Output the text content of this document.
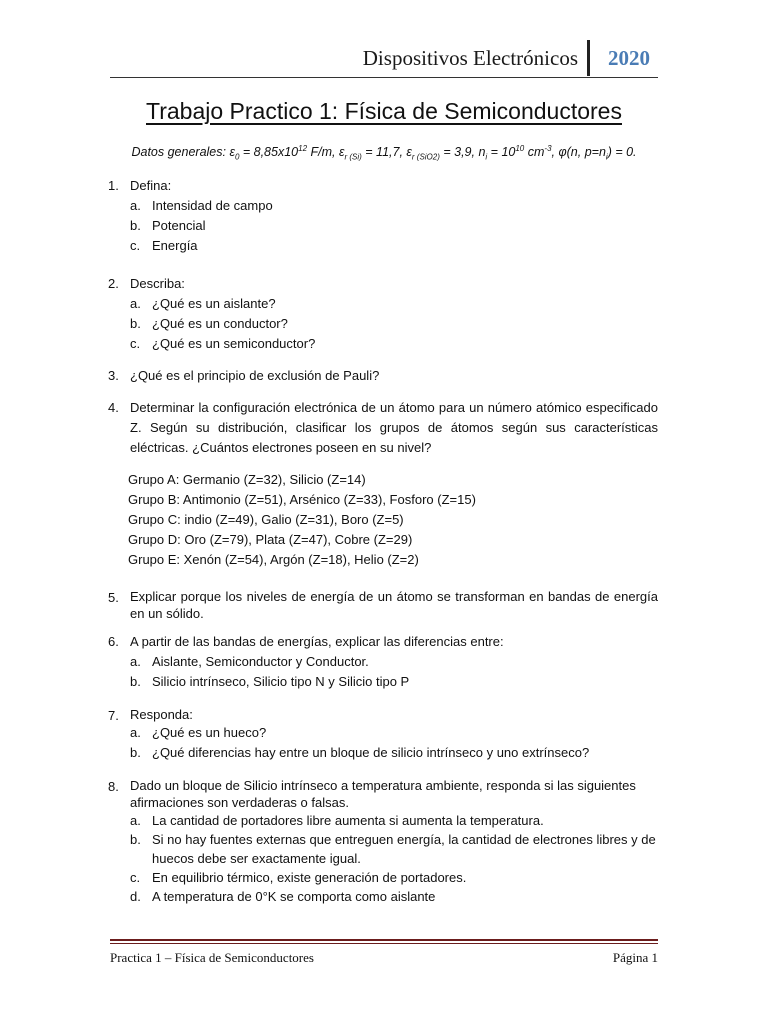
Dispositivos Electrónicos 2020
Trabajo Practico 1: Física de Semiconductores
Datos generales: $\varepsilon_0 = 8,85x10^{12}$ F/m, $\varepsilon_{r (Si)} = 11,7$, $\varepsilon_{r (SiO2)} = 3,9$, $n_i = 10^{10}$ $cm^{-3}$, φ(n, $p=n_i) = 0$.
1. Defina:
a. Intensidad de campo
b. Potencial
c. Energía
2. Describa:
a. ¿Qué es un aislante?
b. ¿Qué es un conductor?
c. ¿Qué es un semiconductor?
3. ¿Qué es el principio de exclusión de Pauli?
4. Determinar la configuración electrónica de un átomo para un número atómico especificado Z. Según su distribución, clasificar los grupos de átomos según sus características eléctricas. ¿Cuántos electrones poseen en su nivel?
Grupo A: Germanio (Z=32), Silicio (Z=14)
Grupo B: Antimonio (Z=51), Arsénico (Z=33), Fosforo (Z=15)
Grupo C: indio (Z=49), Galio (Z=31), Boro (Z=5)
Grupo D: Oro (Z=79), Plata (Z=47), Cobre (Z=29)
Grupo E: Xenón (Z=54), Argón (Z=18), Helio (Z=2)
5. Explicar porque los niveles de energía de un átomo se transforman en bandas de energía en un sólido.
6. A partir de las bandas de energías, explicar las diferencias entre:
a. Aislante, Semiconductor y Conductor.
b. Silicio intrínseco, Silicio tipo N y Silicio tipo P
7. Responda:
a. ¿Qué es un hueco?
b. ¿Qué diferencias hay entre un bloque de silicio intrínseco y uno extrínseco?
8. Dado un bloque de Silicio intrínseco a temperatura ambiente, responda si las siguientes afirmaciones son verdaderas o falsas.
a. La cantidad de portadores libre aumenta si aumenta la temperatura.
b. Si no hay fuentes externas que entreguen energía, la cantidad de electrones libres y de huecos debe ser exactamente igual.
c. En equilibrio térmico, existe generación de portadores.
d. A temperatura de 0°K se comporta como aislante
Practica 1 – Física de Semiconductores	Página 1
